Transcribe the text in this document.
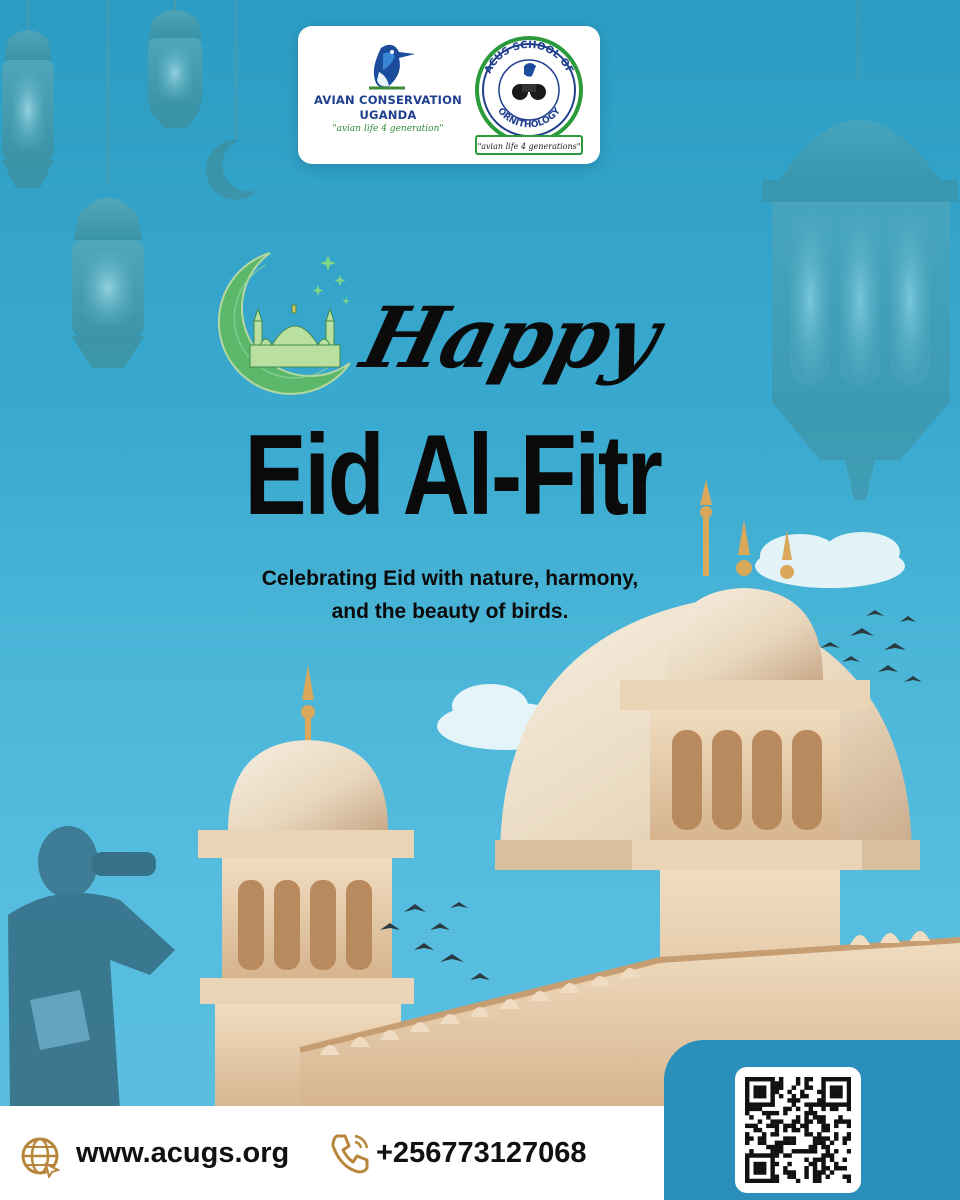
AVIAN CONSERVATION
UGANDA
"avian life 4 generation"
ACUS SCHOOL OF
ORNITHOLOGY
"avian life 4 generations"
Happy
Eid Al-Fitr
Celebrating Eid with nature, harmony,
and the beauty of birds.
www.acugs.org	+256773127068
